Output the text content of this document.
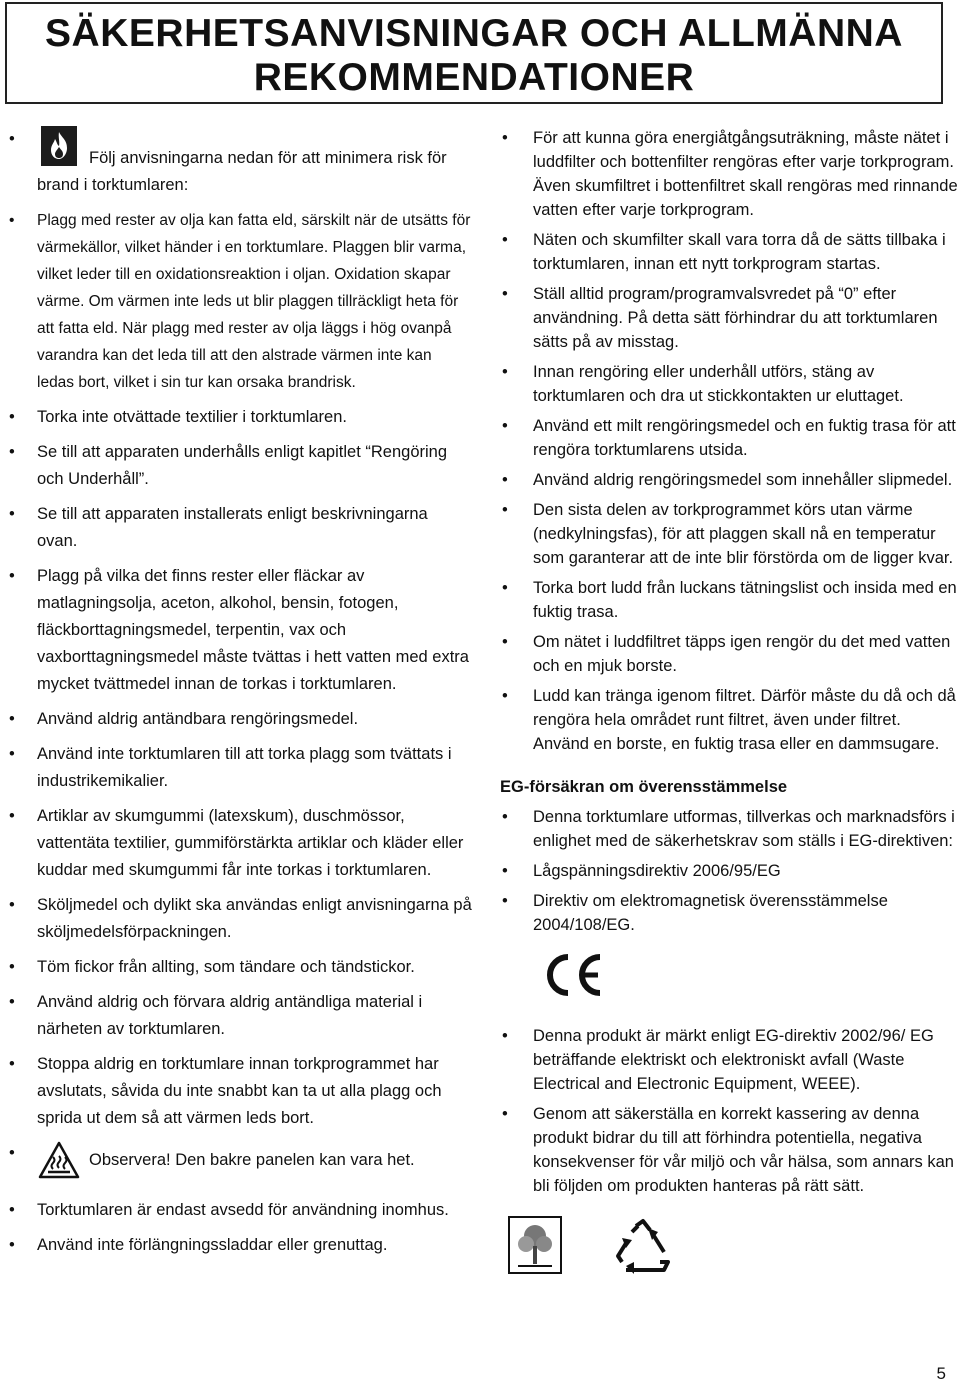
SÄKERHETSANVISNINGAR OCH ALLMÄNNA
REKOMMENDATIONER
• Följ anvisningarna nedan för att minimera risk för brand i torktumlaren:
• Plagg med rester av olja kan fatta eld, särskilt när de utsätts för värmekällor, vilket händer i en torktumlare. Plaggen blir varma, vilket leder till en oxidationsreaktion i oljan. Oxidation skapar värme. Om värmen inte leds ut blir plaggen tillräckligt heta för att fatta eld. När plagg med rester av olja läggs i hög ovanpå varandra kan det leda till att den alstrade värmen inte kan ledas bort, vilket i sin tur kan orsaka brandrisk.
• Torka inte otvättade textilier i torktumlaren.
• Se till att apparaten underhålls enligt kapitlet “Rengöring och Underhåll”.
• Se till att apparaten installerats enligt beskrivningarna ovan.
• Plagg på vilka det finns rester eller fläckar av matlagningsolja, aceton, alkohol, bensin, fotogen, fläckborttagningsmedel, terpentin, vax och vaxborttagningsmedel måste tvättas i hett vatten med extra mycket tvättmedel innan de torkas i torktumlaren.
• Använd aldrig antändbara rengöringsmedel.
• Använd inte torktumlaren till att torka plagg som tvättats i industrikemikalier.
• Artiklar av skumgummi (latexskum), duschmössor, vattentäta textilier, gummiförstärkta artiklar och kläder eller kuddar med skumgummi får inte torkas i torktumlaren.
• Sköljmedel och dylikt ska användas enligt anvisningarna på sköljmedelsförpackningen.
• Töm fickor från allting, som tändare och tändstickor.
• Använd aldrig och förvara aldrig antändliga material i närheten av torktumlaren.
• Stoppa aldrig en torktumlare innan torkprogrammet har avslutats, såvida du inte snabbt kan ta ut alla plagg och sprida ut dem så att värmen leds bort.
• Observera! Den bakre panelen kan vara het.
• Torktumlaren är endast avsedd för användning inomhus.
• Använd inte förlängningssladdar eller grenuttag.
• För att kunna göra energiåtgångsuträkning, måste nätet i luddfilter och bottenfilter rengöras efter varje torkprogram. Även skumfiltret i bottenfiltret skall rengöras med rinnande vatten efter varje torkprogram.
• Näten och skumfilter skall vara torra då de sätts tillbaka i torktumlaren, innan ett nytt torkprogram startas.
• Ställ alltid program/programvalsvredet på “0” efter användning. På detta sätt förhindrar du att torktumlaren sätts på av misstag.
• Innan rengöring eller underhåll utförs, stäng av torktumlaren och dra ut stickkontakten ur eluttaget.
• Använd ett milt rengöringsmedel och en fuktig trasa för att rengöra torktumlarens utsida.
• Använd aldrig rengöringsmedel som innehåller slipmedel.
• Den sista delen av torkprogrammet körs utan värme (nedkylningsfas), för att plaggen skall nå en temperatur som garanterar att de inte blir förstörda om de ligger kvar.
• Torka bort ludd från luckans tätningslist och insida med en fuktig trasa.
• Om nätet i luddfiltret täpps igen rengör du det med vatten och en mjuk borste.
• Ludd kan tränga igenom filtret. Därför måste du då och då rengöra hela området runt filtret, även under filtret. Använd en borste, en fuktig trasa eller en dammsugare.
EG-försäkran om överensstämmelse
• Denna torktumlare utformas, tillverkas och marknadsförs i enlighet med de säkerhetskrav som ställs i EG-direktiven:
• Lågspänningsdirektiv 2006/95/EG
• Direktiv om elektromagnetisk överensstämmelse 2004/108/EG.
• Denna produkt är märkt enligt EG-direktiv 2002/96/ EG beträffande elektriskt och elektroniskt avfall (Waste Electrical and Electronic Equipment, WEEE).
• Genom att säkerställa en korrekt kassering av denna produkt bidrar du till att förhindra potentiella, negativa konsekvenser för vår miljö och vår hälsa, som annars kan bli följden om produkten hanteras på rätt sätt.
5
